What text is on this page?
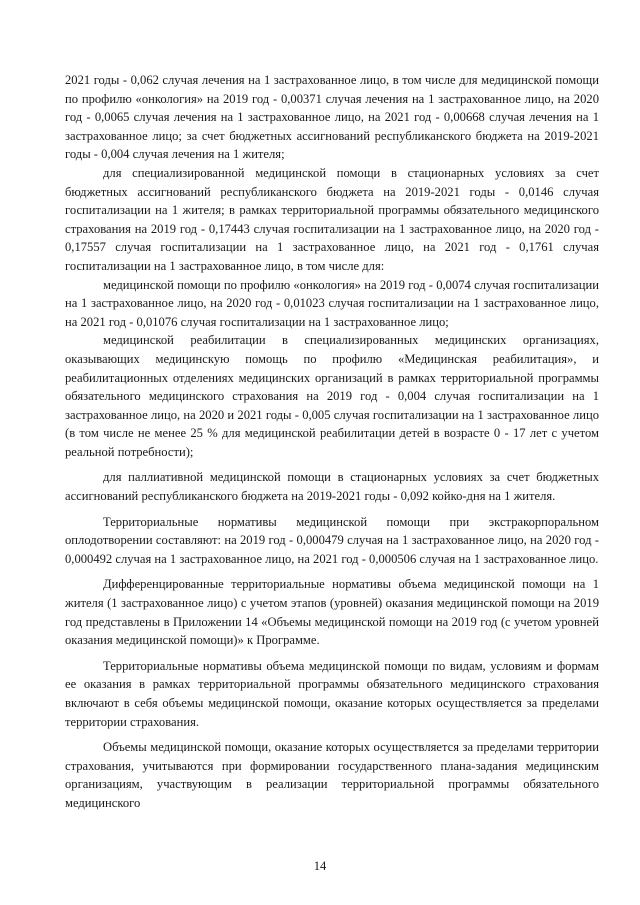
2021 годы - 0,062 случая лечения на 1 застрахованное лицо, в том числе для медицинской помощи по профилю «онкология» на 2019 год - 0,00371 случая лечения на 1 застрахованное лицо, на 2020 год - 0,0065 случая лечения на 1 застрахованное лицо, на 2021 год - 0,00668 случая лечения на 1 застрахованное лицо; за счет бюджетных ассигнований республиканского бюджета на 2019-2021 годы - 0,004 случая лечения на 1 жителя;

для специализированной медицинской помощи в стационарных условиях за счет бюджетных ассигнований республиканского бюджета на 2019-2021 годы - 0,0146 случая госпитализации на 1 жителя; в рамках территориальной программы обязательного медицинского страхования на 2019 год - 0,17443 случая госпитализации на 1 застрахованное лицо, на 2020 год - 0,17557 случая госпитализации на 1 застрахованное лицо, на 2021 год - 0,1761 случая госпитализации на 1 застрахованное лицо, в том числе для:

медицинской помощи по профилю «онкология» на 2019 год - 0,0074 случая госпитализации на 1 застрахованное лицо, на 2020 год - 0,01023 случая госпитализации на 1 застрахованное лицо, на 2021 год - 0,01076 случая госпитализации на 1 застрахованное лицо;

медицинской реабилитации в специализированных медицинских организациях, оказывающих медицинскую помощь по профилю «Медицинская реабилитация», и реабилитационных отделениях медицинских организаций в рамках территориальной программы обязательного медицинского страхования на 2019 год - 0,004 случая госпитализации на 1 застрахованное лицо, на 2020 и 2021 годы - 0,005 случая госпитализации на 1 застрахованное лицо (в том числе не менее 25 % для медицинской реабилитации детей в возрасте 0 - 17 лет с учетом реальной потребности);

для паллиативной медицинской помощи в стационарных условиях за счет бюджетных ассигнований республиканского бюджета на 2019-2021 годы - 0,092 койко-дня на 1 жителя.

Территориальные нормативы медицинской помощи при экстракорпоральном оплодотворении составляют: на 2019 год - 0,000479 случая на 1 застрахованное лицо, на 2020 год - 0,000492 случая на 1 застрахованное лицо, на 2021 год - 0,000506 случая на 1 застрахованное лицо.

Дифференцированные территориальные нормативы объема медицинской помощи на 1 жителя (1 застрахованное лицо) с учетом этапов (уровней) оказания медицинской помощи на 2019 год представлены в Приложении 14 «Объемы медицинской помощи на 2019 год (с учетом уровней оказания медицинской помощи)» к Программе.

Территориальные нормативы объема медицинской помощи по видам, условиям и формам ее оказания в рамках территориальной программы обязательного медицинского страхования включают в себя объемы медицинской помощи, оказание которых осуществляется за пределами территории страхования.

Объемы медицинской помощи, оказание которых осуществляется за пределами территории страхования, учитываются при формировании государственного плана-задания медицинским организациям, участвующим в реализации территориальной программы обязательного медицинского

14
